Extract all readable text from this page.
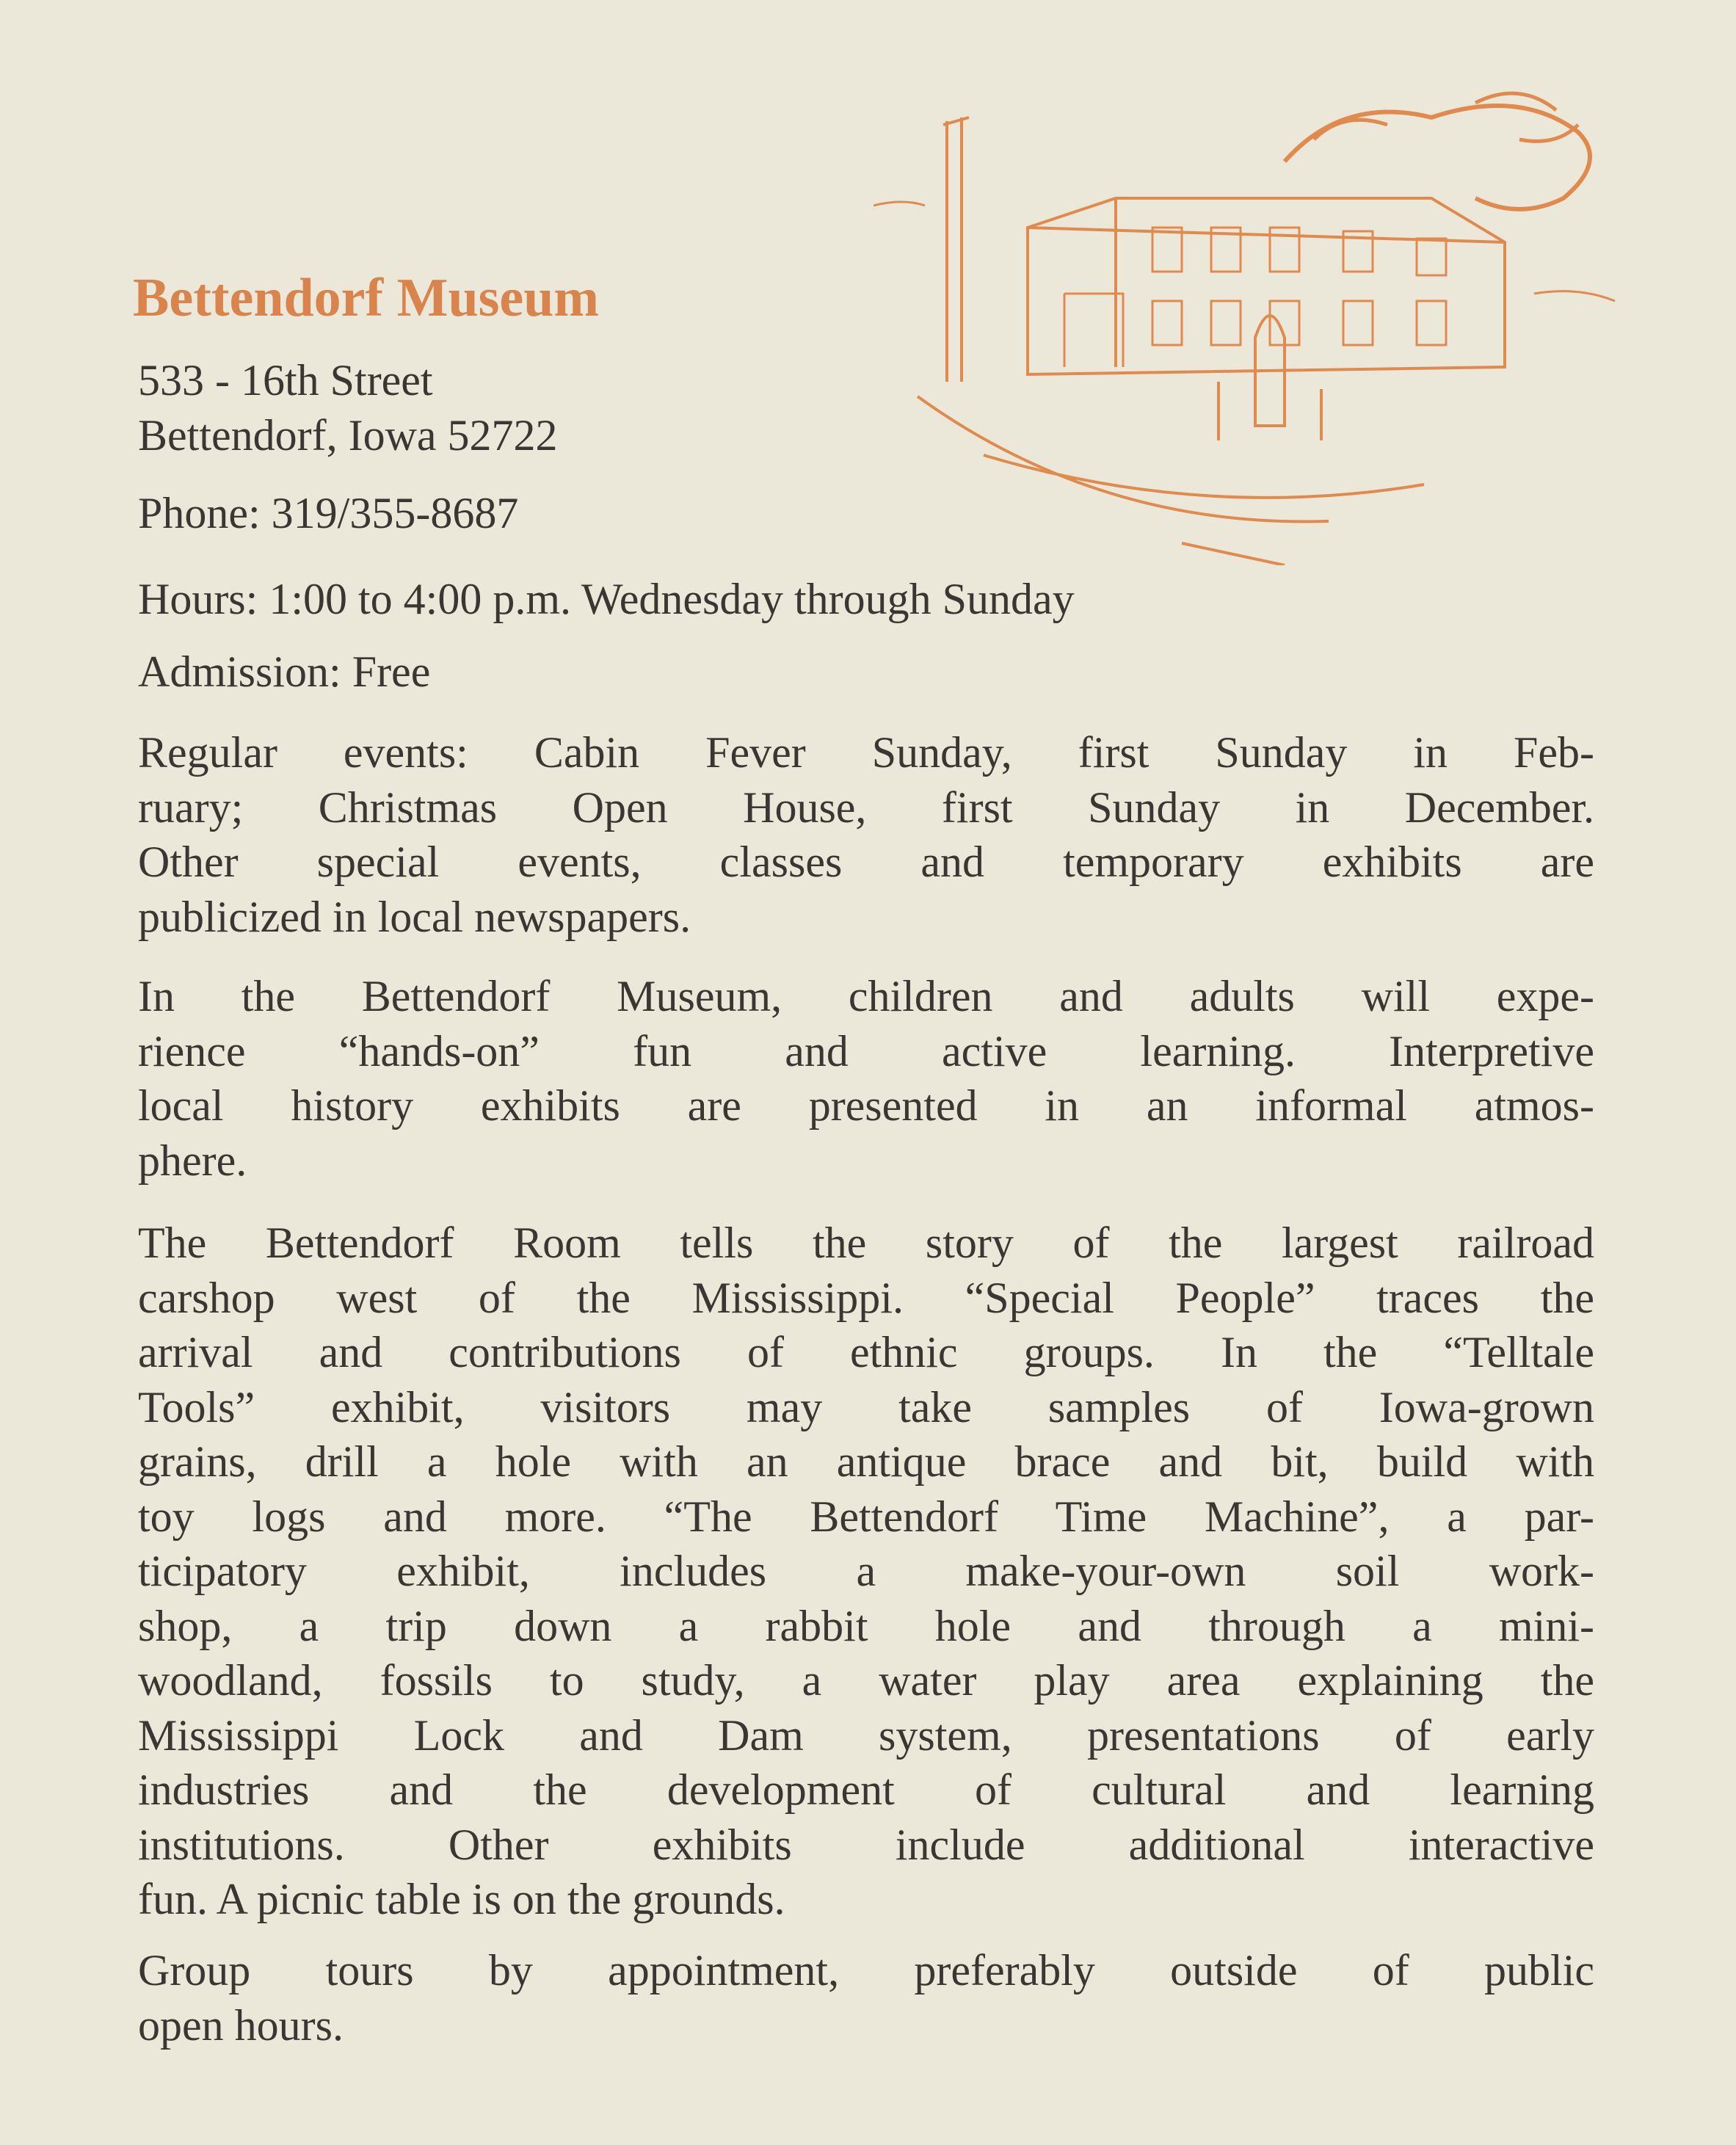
Bettendorf Museum
533 - 16th Street
Bettendorf, Iowa 52722
Phone: 319/355-8687
Hours: 1:00 to 4:00 p.m. Wednesday through Sunday
Admission: Free
Regular events: Cabin Fever Sunday, first Sunday in Feb-
ruary; Christmas Open House, first Sunday in December.
Other special events, classes and temporary exhibits are
publicized in local newspapers.
In the Bettendorf Museum, children and adults will expe-
rience “hands-on” fun and active learning. Interpretive
local history exhibits are presented in an informal atmos-
phere.
The Bettendorf Room tells the story of the largest railroad
carshop west of the Mississippi. “Special People” traces the
arrival and contributions of ethnic groups. In the “Telltale
Tools” exhibit, visitors may take samples of Iowa-grown
grains, drill a hole with an antique brace and bit, build with
toy logs and more. “The Bettendorf Time Machine”, a par-
ticipatory exhibit, includes a make-your-own soil work-
shop, a trip down a rabbit hole and through a mini-
woodland, fossils to study, a water play area explaining the
Mississippi Lock and Dam system, presentations of early
industries and the development of cultural and learning
institutions. Other exhibits include additional interactive
fun. A picnic table is on the grounds.
Group tours by appointment, preferably outside of public
open hours.
